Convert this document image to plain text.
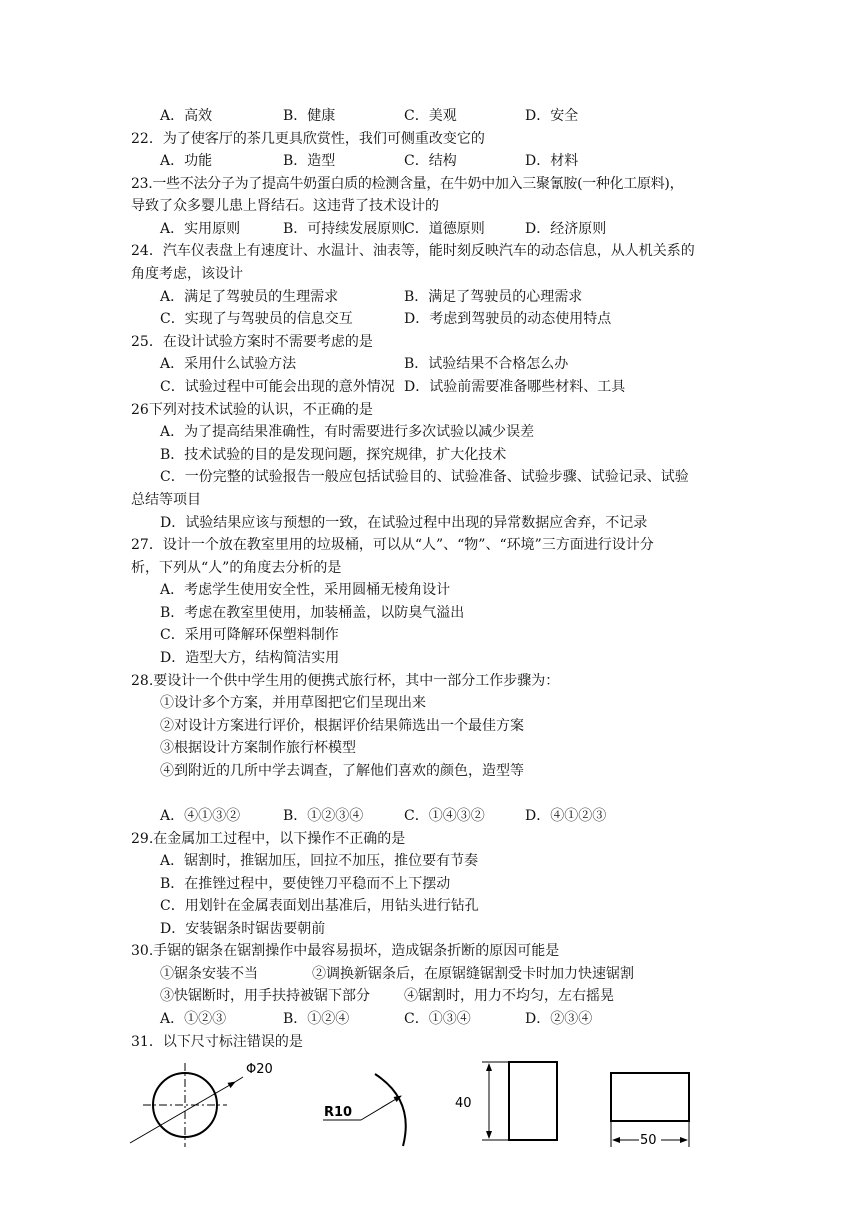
A．高效	B．健康	C．美观	D．安全
22．为了使客厅的茶几更具欣赏性，我们可侧重改变它的
A．功能	B．造型	C．结构	D．材料
23.一些不法分子为了提高牛奶蛋白质的检测含量，在牛奶中加入三聚氰胺(一种化工原料)，
导致了众多婴儿患上肾结石。这违背了技术设计的
A．实用原则	B．可持续发展原则
C．道德原则	D．经济原则
24．汽车仪表盘上有速度计、水温计、油表等，能时刻反映汽车的动态信息，从人机关系的
角度考虑，该设计
A．满足了驾驶员的生理需求	B．满足了驾驶员的心理需求
C．实现了与驾驶员的信息交互	D．考虑到驾驶员的动态使用特点
25．在设计试验方案时不需要考虑的是
A．采用什么试验方法	B．试验结果不合格怎么办
C．试验过程中可能会出现的意外情况 D．试验前需要准备哪些材料、工具
26下列对技术试验的认识，不正确的是
A．为了提高结果准确性，有时需要进行多次试验以减少误差
B．技术试验的目的是发现问题，探究规律，扩大化技术
C．一份完整的试验报告一般应包括试验目的、试验准备、试验步骤、试验记录、试验
总结等项目
D．试验结果应该与预想的一致，在试验过程中出现的异常数据应舍弃，不记录
27．设计一个放在教室里用的垃圾桶，可以从“人”、“物”、“环境”三方面进行设计分
析，下列从“人”的角度去分析的是
A．考虑学生使用安全性，采用圆桶无棱角设计
B．考虑在教室里使用，加装桶盖，以防臭气溢出
C．采用可降解环保塑料制作
D．造型大方，结构简洁实用
28.要设计一个供中学生用的便携式旅行杯，其中一部分工作步骤为：
①设计多个方案，并用草图把它们呈现出来
②对设计方案进行评价，根据评价结果筛选出一个最佳方案
③根据设计方案制作旅行杯模型
④到附近的几所中学去调查，了解他们喜欢的颜色，造型等
A．④①③②	B．①②③④	C．①④③②	D．④①②③
29.在金属加工过程中，以下操作不正确的是
A．锯割时，推锯加压，回拉不加压，推位要有节奏
B．在推锉过程中，要使锉刀平稳而不上下摆动
C．用划针在金属表面划出基准后，用钻头进行钻孔
D．安装锯条时锯齿要朝前
30.手锯的锯条在锯割操作中最容易损坏，造成锯条折断的原因可能是
①锯条安装不当	②调换新锯条后，在原锯缝锯割受卡时加力快速锯割
③快锯断时，用手扶持被锯下部分 ④锯割时，用力不均匀，左右摇晃
A．①②③	B．①②④	C．①③④	D．②③④
31．以下尺寸标注错误的是
Φ20
R10
40
50
